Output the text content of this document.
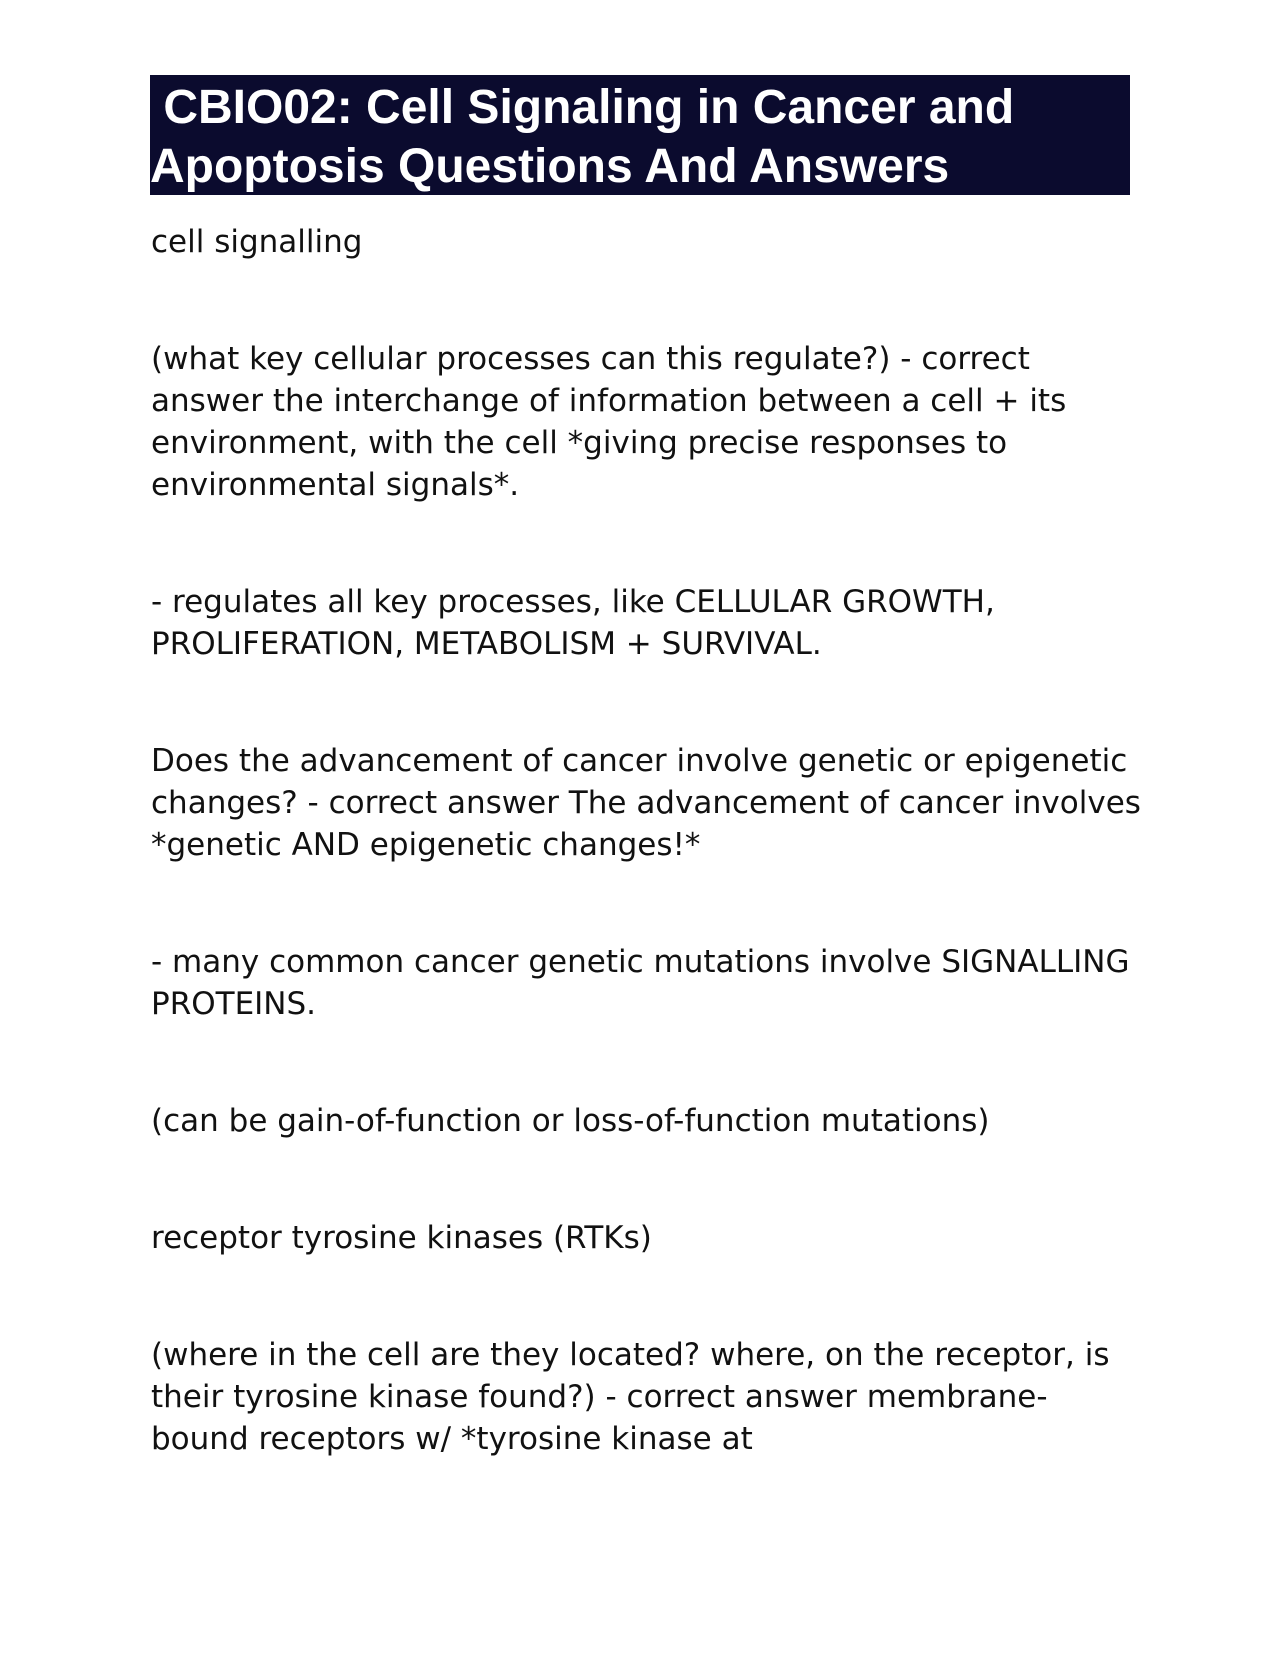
CBIO02: Cell Signaling in Cancer and
Apoptosis Questions And Answers

cell signalling

(what key cellular processes can this regulate?) - correct answer the interchange of information between a cell + its environment, with the cell *giving precise responses to environmental signals*.

- regulates all key processes, like CELLULAR GROWTH, PROLIFERATION, METABOLISM + SURVIVAL.

Does the advancement of cancer involve genetic or epigenetic changes? - correct answer The advancement of cancer involves *genetic AND epigenetic changes!*

- many common cancer genetic mutations involve SIGNALLING PROTEINS.

(can be gain-of-function or loss-of-function mutations)

receptor tyrosine kinases (RTKs)

(where in the cell are they located? where, on the receptor, is their tyrosine kinase found?) - correct answer membrane-bound receptors w/ *tyrosine kinase at
